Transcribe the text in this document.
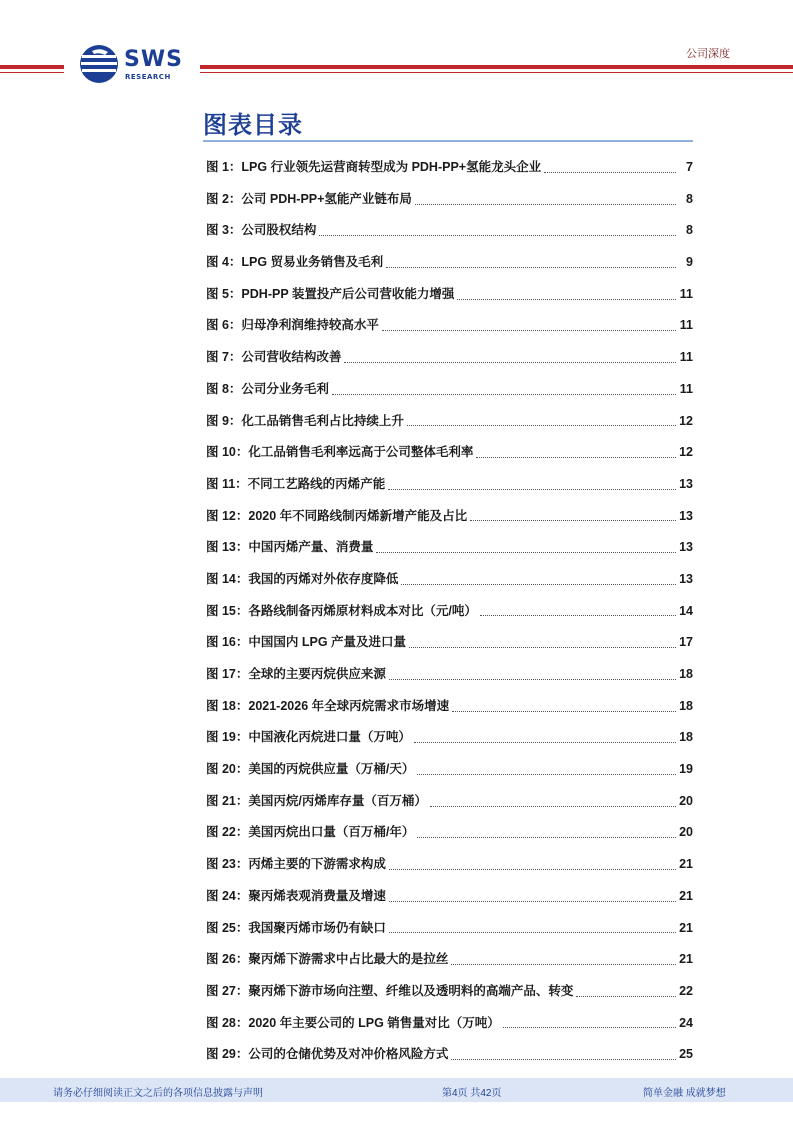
SWS
RESEARCH
公司深度
图表目录
图 1：LPG 行业领先运营商转型成为 PDH-PP+氢能龙头企业	7
图 2：公司 PDH-PP+氢能产业链布局	8
图 3：公司股权结构	8
图 4：LPG 贸易业务销售及毛利	9
图 5：PDH-PP 装置投产后公司营收能力增强	11
图 6：归母净利润维持较高水平	11
图 7：公司营收结构改善	11
图 8：公司分业务毛利	11
图 9：化工品销售毛利占比持续上升	12
图 10：化工品销售毛利率远高于公司整体毛利率	12
图 11：不同工艺路线的丙烯产能	13
图 12：2020 年不同路线制丙烯新增产能及占比	13
图 13：中国丙烯产量、消费量	13
图 14：我国的丙烯对外依存度降低	13
图 15：各路线制备丙烯原材料成本对比（元/吨）	14
图 16：中国国内 LPG 产量及进口量	17
图 17：全球的主要丙烷供应来源	18
图 18：2021-2026 年全球丙烷需求市场增速	18
图 19：中国液化丙烷进口量（万吨）	18
图 20：美国的丙烷供应量（万桶/天）	19
图 21：美国丙烷/丙烯库存量（百万桶）	20
图 22：美国丙烷出口量（百万桶/年）	20
图 23：丙烯主要的下游需求构成	21
图 24：聚丙烯表观消费量及增速	21
图 25：我国聚丙烯市场仍有缺口	21
图 26：聚丙烯下游需求中占比最大的是拉丝	21
图 27：聚丙烯下游市场向注塑、纤维以及透明料的高端产品、转变	22
图 28：2020 年主要公司的 LPG 销售量对比（万吨）	24
图 29：公司的仓储优势及对冲价格风险方式	25
请务必仔细阅读正文之后的各项信息披露与声明	第4页 共42页	简单金融 成就梦想
